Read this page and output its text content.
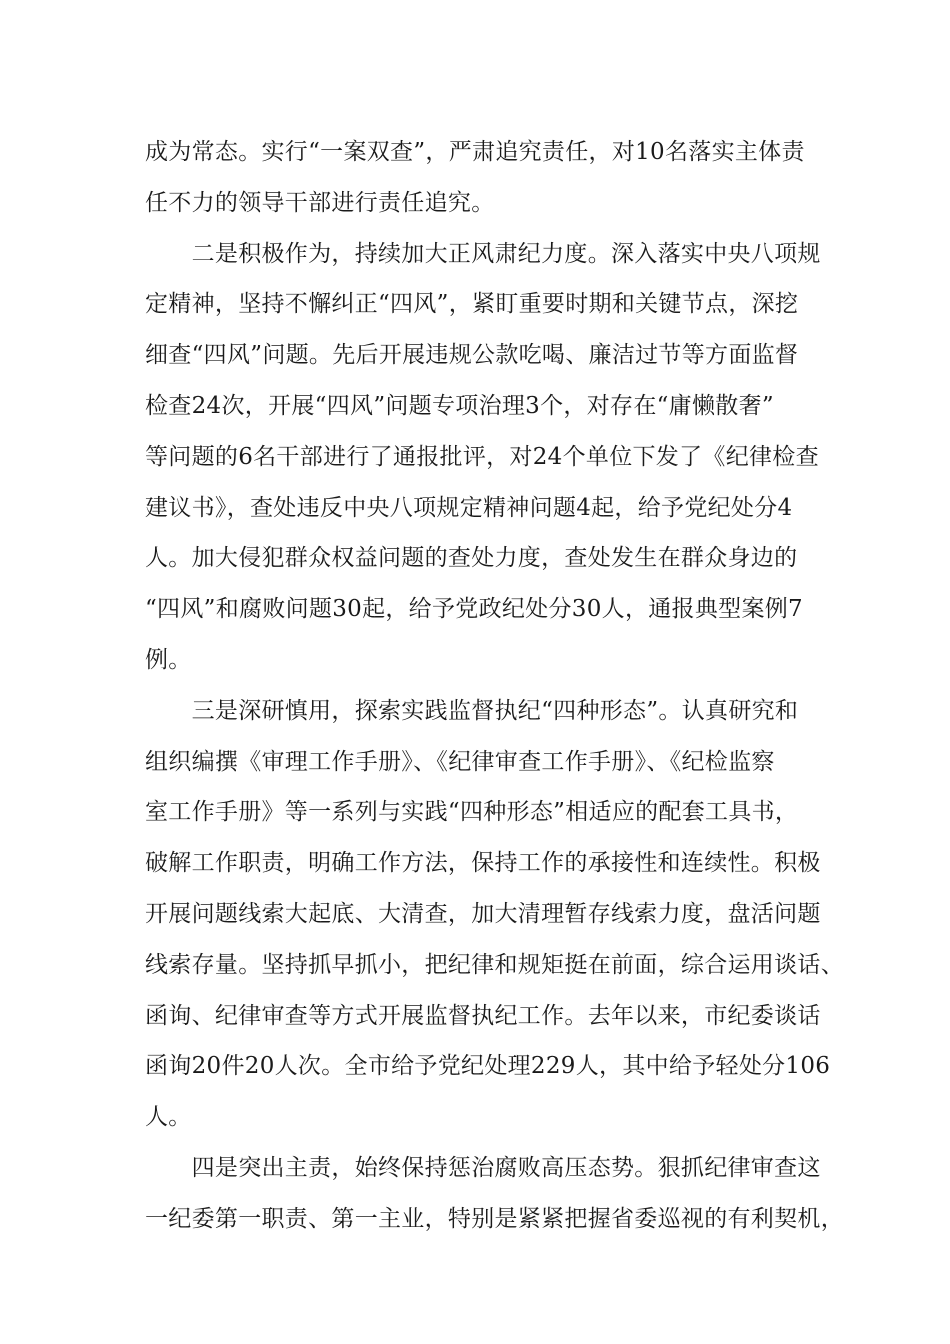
成为常态。实行“一案双查”，严肃追究责任，对10名落实主体责
任不力的领导干部进行责任追究。
　　二是积极作为，持续加大正风肃纪力度。深入落实中央八项规
定精神，坚持不懈纠正“四风”，紧盯重要时期和关键节点，深挖
细查“四风”问题。先后开展违规公款吃喝、廉洁过节等方面监督
检查24次，开展“四风”问题专项治理3个，对存在“庸懒散奢”
等问题的6名干部进行了通报批评，对24个单位下发了《纪律检查
建议书》，查处违反中央八项规定精神问题4起，给予党纪处分4
人。加大侵犯群众权益问题的查处力度，查处发生在群众身边的
“四风”和腐败问题30起，给予党政纪处分30人，通报典型案例7
例。
　　三是深研慎用，探索实践监督执纪“四种形态”。认真研究和
组织编撰《审理工作手册》、《纪律审查工作手册》、《纪检监察
室工作手册》等一系列与实践“四种形态”相适应的配套工具书，
破解工作职责，明确工作方法，保持工作的承接性和连续性。积极
开展问题线索大起底、大清查，加大清理暂存线索力度，盘活问题
线索存量。坚持抓早抓小，把纪律和规矩挺在前面，综合运用谈话、
函询、纪律审查等方式开展监督执纪工作。去年以来，市纪委谈话
函询20件20人次。全市给予党纪处理229人，其中给予轻处分106
人。
　　四是突出主责，始终保持惩治腐败高压态势。狠抓纪律审查这
一纪委第一职责、第一主业，特别是紧紧把握省委巡视的有利契机，
